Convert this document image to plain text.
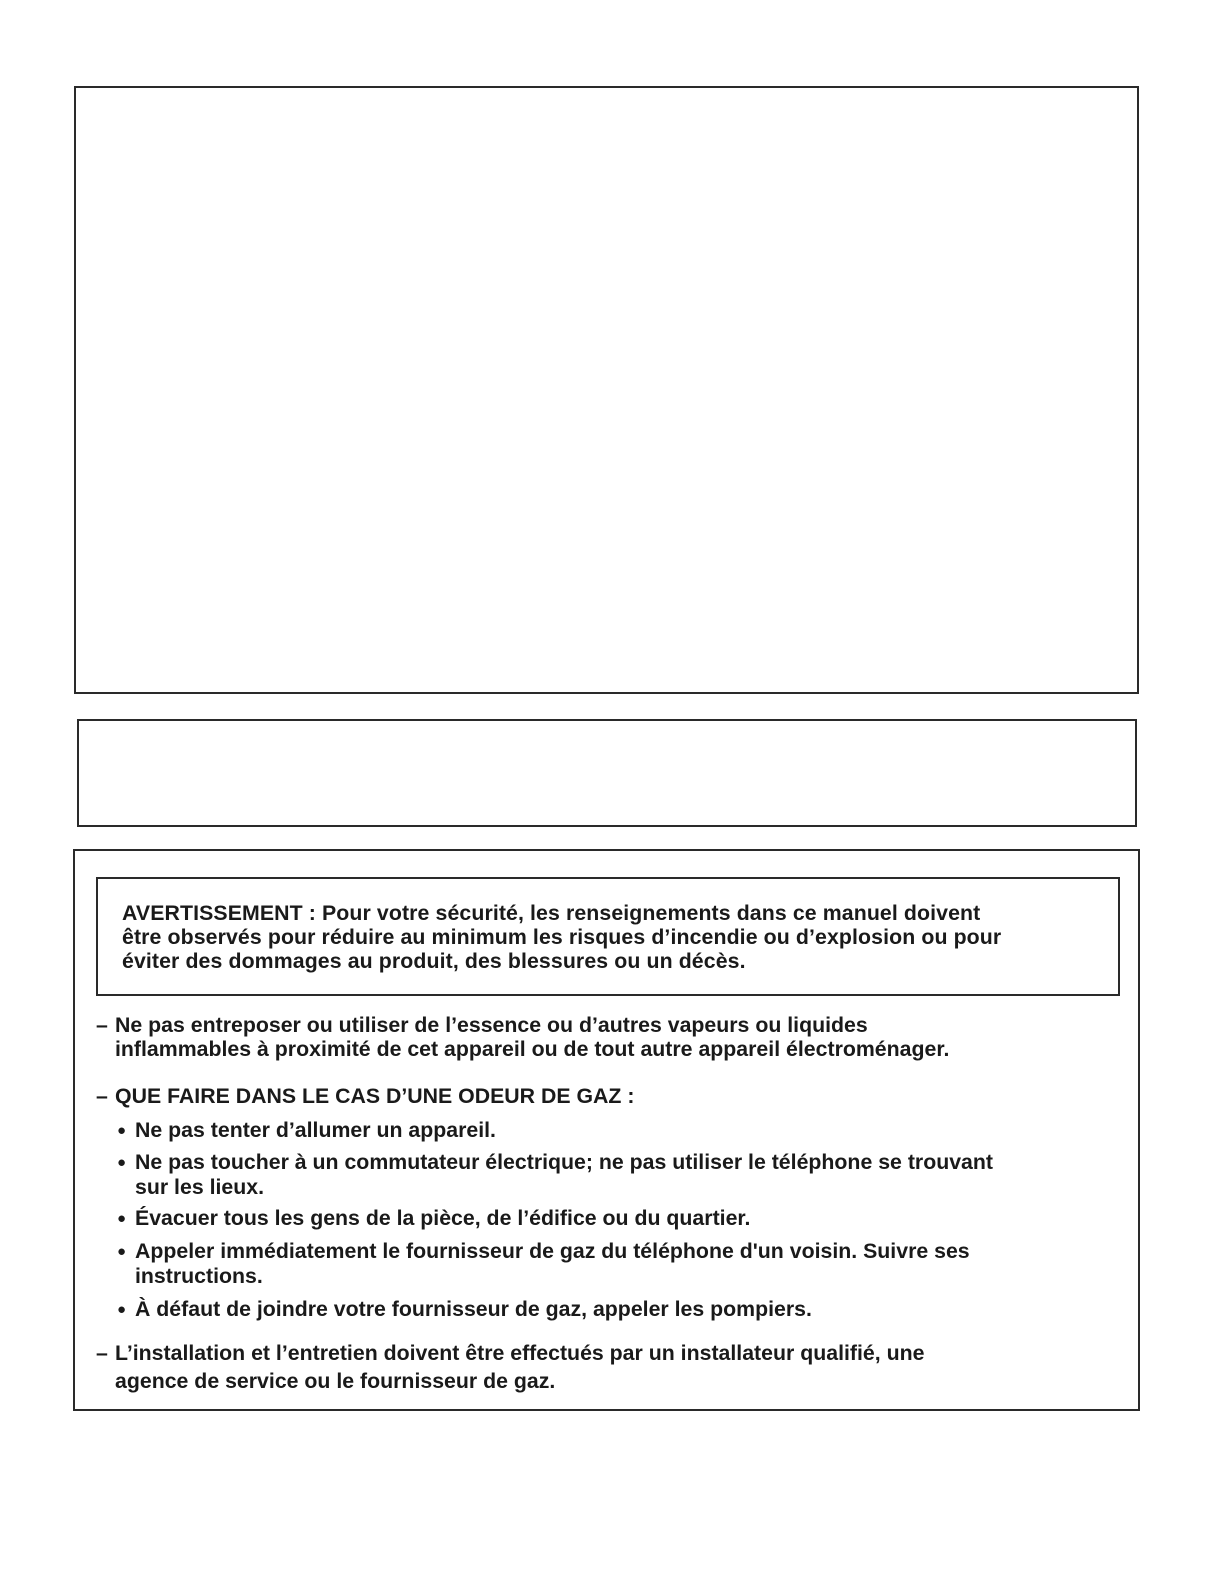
AVERTISSEMENT : Pour votre sécurité, les renseignements dans ce manuel doivent
être observés pour réduire au minimum les risques d’incendie ou d’explosion ou pour
éviter des dommages au produit, des blessures ou un décès.

– Ne pas entreposer ou utiliser de l’essence ou d’autres vapeurs ou liquides
inflammables à proximité de cet appareil ou de tout autre appareil électroménager.
– QUE FAIRE DANS LE CAS D’UNE ODEUR DE GAZ :
● Ne pas tenter d’allumer un appareil.
● Ne pas toucher à un commutateur électrique; ne pas utiliser le téléphone se trouvant
sur les lieux.
● Évacuer tous les gens de la pièce, de l’édifice ou du quartier.
● Appeler immédiatement le fournisseur de gaz du téléphone d'un voisin. Suivre ses
instructions.
● À défaut de joindre votre fournisseur de gaz, appeler les pompiers.
– L’installation et l’entretien doivent être effectués par un installateur qualifié, une
agence de service ou le fournisseur de gaz.
